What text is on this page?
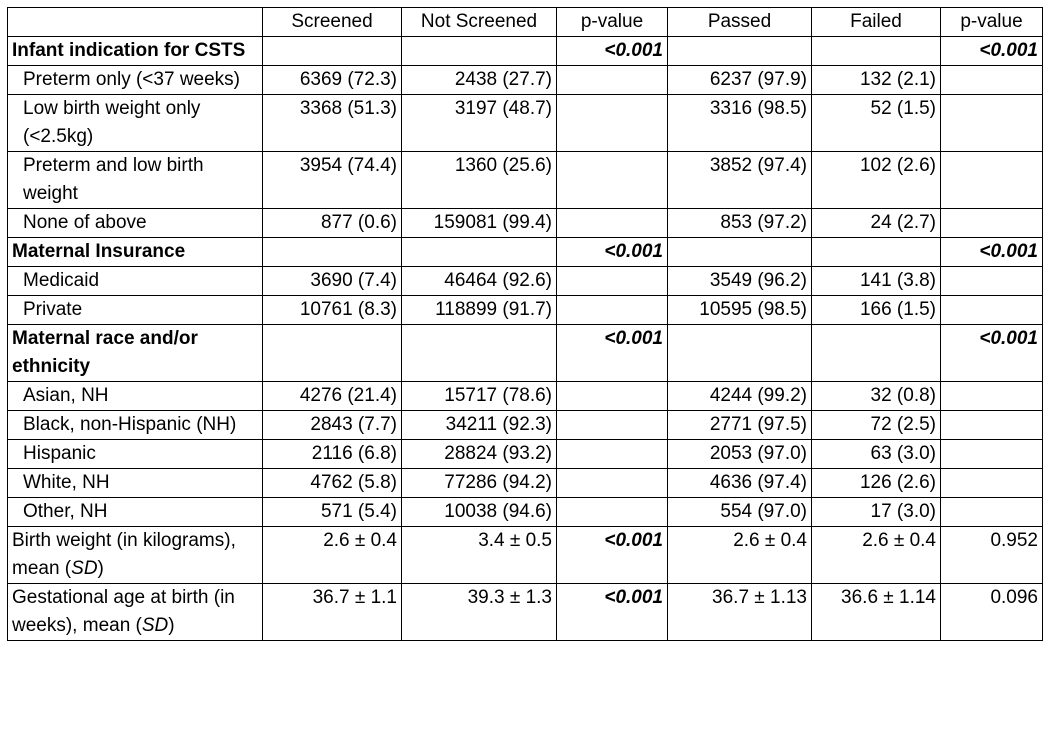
	Screened	Not Screened	p-value	Passed	Failed	p-value
Infant indication for CSTS			<0.001			<0.001
Preterm only (<37 weeks)	6369 (72.3)	2438 (27.7)		6237 (97.9)	132 (2.1)	
Low birth weight only (<2.5kg)	3368 (51.3)	3197 (48.7)		3316 (98.5)	52 (1.5)	
Preterm and low birth weight	3954 (74.4)	1360 (25.6)		3852 (97.4)	102 (2.6)	
None of above	877 (0.6)	159081 (99.4)		853 (97.2)	24 (2.7)	
Maternal Insurance			<0.001			<0.001
Medicaid	3690 (7.4)	46464 (92.6)		3549 (96.2)	141 (3.8)	
Private	10761 (8.3)	118899 (91.7)		10595 (98.5)	166 (1.5)	
Maternal race and/or ethnicity			<0.001			<0.001
Asian, NH	4276 (21.4)	15717 (78.6)		4244 (99.2)	32 (0.8)	
Black, non-Hispanic (NH)	2843 (7.7)	34211 (92.3)		2771 (97.5)	72 (2.5)	
Hispanic	2116 (6.8)	28824 (93.2)		2053 (97.0)	63 (3.0)	
White, NH	4762 (5.8)	77286 (94.2)		4636 (97.4)	126 (2.6)	
Other, NH	571 (5.4)	10038 (94.6)		554 (97.0)	17 (3.0)	
Birth weight (in kilograms), mean (SD)	2.6 ± 0.4	3.4 ± 0.5	<0.001	2.6 ± 0.4	2.6 ± 0.4	0.952
Gestational age at birth (in weeks), mean (SD)	36.7 ± 1.1	39.3 ± 1.3	<0.001	36.7 ± 1.13	36.6 ± 1.14	0.096
